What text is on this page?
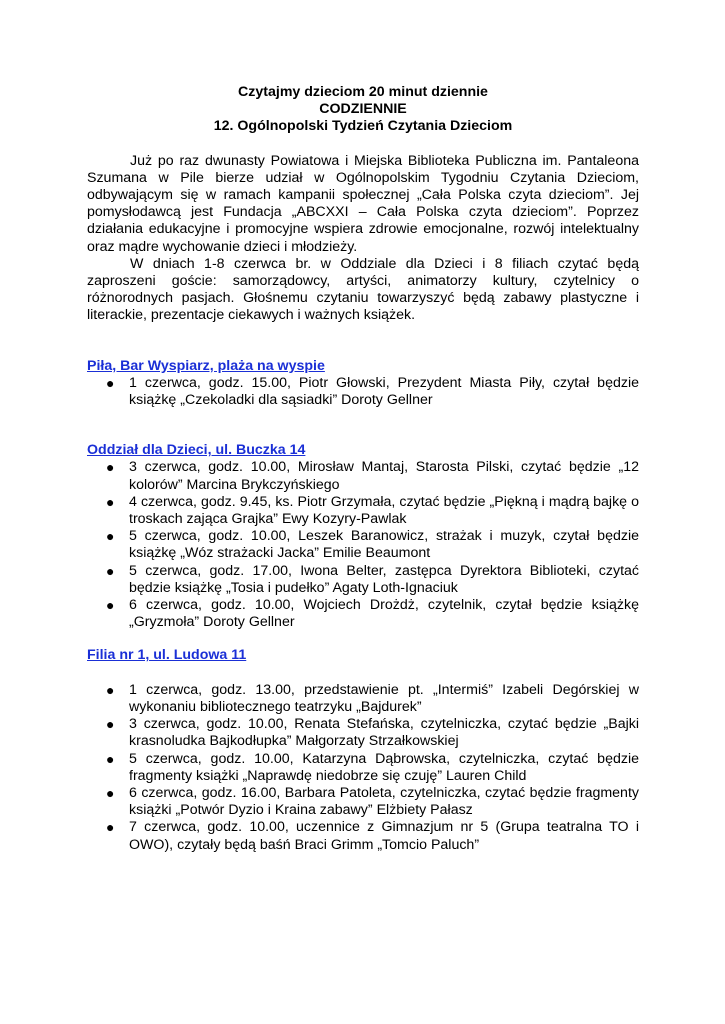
Czytajmy dzieciom 20 minut dziennie

CODZIENNIE

12. Ogólnopolski Tydzień Czytania Dzieciom

Już po raz dwunasty Powiatowa i Miejska Biblioteka Publiczna im. Pantaleona Szumana w Pile bierze udział w Ogólnopolskim Tygodniu Czytania Dzieciom, odbywającym się w ramach kampanii społecznej „Cała Polska czyta dzieciom”. Jej pomysłodawcą jest Fundacja „ABCXXI – Cała Polska czyta dzieciom”. Poprzez działania edukacyjne i promocyjne wspiera zdrowie emocjonalne, rozwój intelektualny oraz mądre wychowanie dzieci i młodzieży.

W dniach 1-8 czerwca br. w Oddziale dla Dzieci i 8 filiach czytać będą zaproszeni goście: samorządowcy, artyści, animatorzy kultury, czytelnicy o różnorodnych pasjach. Głośnemu czytaniu towarzyszyć będą zabawy plastyczne i literackie, prezentacje ciekawych i ważnych książek.

Piła, Bar Wyspiarz, plaża na wyspie

● 1 czerwca, godz. 15.00, Piotr Głowski, Prezydent Miasta Piły, czytał będzie książkę „Czekoladki dla sąsiadki” Doroty Gellner

Oddział dla Dzieci, ul. Buczka 14

● 3 czerwca, godz. 10.00, Mirosław Mantaj, Starosta Pilski, czytać będzie „12 kolorów” Marcina Brykczyńskiego
● 4 czerwca, godz. 9.45, ks. Piotr Grzymała, czytać będzie „Piękną i mądrą bajkę o troskach zająca Grajka” Ewy Kozyry-Pawlak
● 5 czerwca, godz. 10.00, Leszek Baranowicz, strażak i muzyk, czytał będzie książkę „Wóz strażacki Jacka” Emilie Beaumont
● 5 czerwca, godz. 17.00, Iwona Belter, zastępca Dyrektora Biblioteki, czytać będzie książkę „Tosia i pudełko” Agaty Loth-Ignaciuk
● 6 czerwca, godz. 10.00, Wojciech Drożdż, czytelnik, czytał będzie książkę „Gryzmoła” Doroty Gellner

Filia nr 1, ul. Ludowa 11

● 1 czerwca, godz. 13.00, przedstawienie pt. „Intermiś” Izabeli Degórskiej w wykonaniu bibliotecznego teatrzyku „Bajdurek”
● 3 czerwca, godz. 10.00, Renata Stefańska, czytelniczka, czytać będzie „Bajki krasnoludka Bajkodłupka” Małgorzaty Strzałkowskiej
● 5 czerwca, godz. 10.00, Katarzyna Dąbrowska, czytelniczka, czytać będzie fragmenty książki „Naprawdę niedobrze się czuję” Lauren Child
● 6 czerwca, godz. 16.00, Barbara Patoleta, czytelniczka, czytać będzie fragmenty książki „Potwór Dyzio i Kraina zabawy” Elżbiety Pałasz
● 7 czerwca, godz. 10.00, uczennice z Gimnazjum nr 5 (Grupa teatralna TO i OWO), czytały będą baśń Braci Grimm „Tomcio Paluch”
